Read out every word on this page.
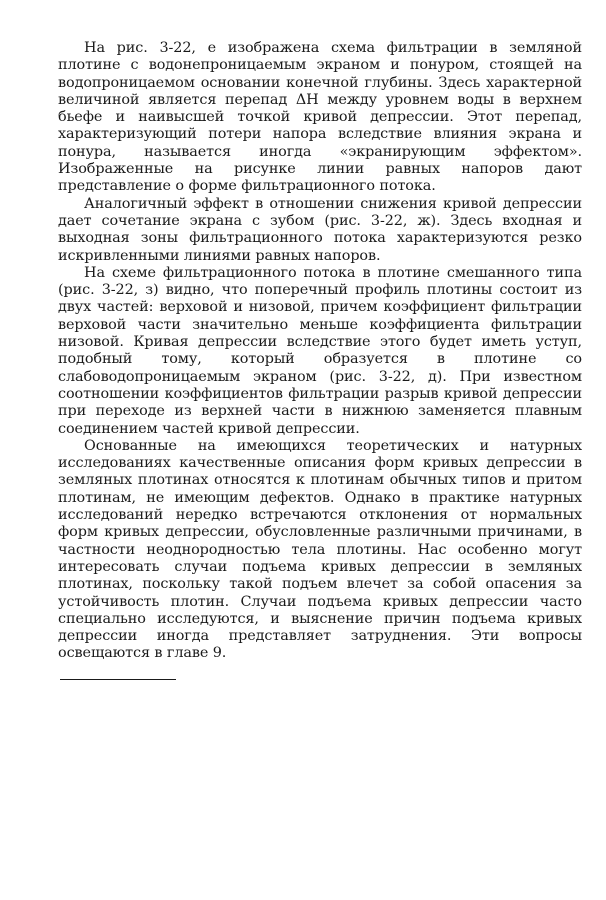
На рис. 3-22, е изображена схема фильтрации в земляной плотине с водонепроницаемым экраном и понуром, стоящей на водопроницаемом основании конечной глубины. Здесь характерной величиной является перепад ΔH между уровнем воды в верхнем бьефе и наивысшей точкой кривой депрессии. Этот перепад, характеризующий потери напора вследствие влияния экрана и понура, называется иногда «экранирующим эффектом». Изображенные на рисунке линии равных напоров дают представление о форме фильтрационного потока.

Аналогичный эффект в отношении снижения кривой депрессии дает сочетание экрана с зубом (рис. 3-22, ж). Здесь входная и выходная зоны фильтрационного потока характеризуются резко искривленными линиями равных напоров.

На схеме фильтрационного потока в плотине смешанного типа (рис. 3-22, з) видно, что поперечный профиль плотины состоит из двух частей: верховой и низовой, причем коэффициент фильтрации верховой части значительно меньше коэффициента фильтрации низовой. Кривая депрессии вследствие этого будет иметь уступ, подобный тому, который образуется в плотине со слабоводопроницаемым экраном (рис. 3-22, д). При известном соотношении коэффициентов фильтрации разрыв кривой депрессии при переходе из верхней части в нижнюю заменяется плавным соединением частей кривой депрессии.

Основанные на имеющихся теоретических и натурных исследованиях качественные описания форм кривых депрессии в земляных плотинах относятся к плотинам обычных типов и притом плотинам, не имеющим дефектов. Однако в практике натурных исследований нередко встречаются отклонения от нормальных форм кривых депрессии, обусловленные различными причинами, в частности неоднородностью тела плотины. Нас особенно могут интересовать случаи подъема кривых депрессии в земляных плотинах, поскольку такой подъем влечет за собой опасения за устойчивость плотин. Случаи подъема кривых депрессии часто специально исследуются, и выяснение причин подъема кривых депрессии иногда представляет затруднения. Эти вопросы освещаются в главе 9.
